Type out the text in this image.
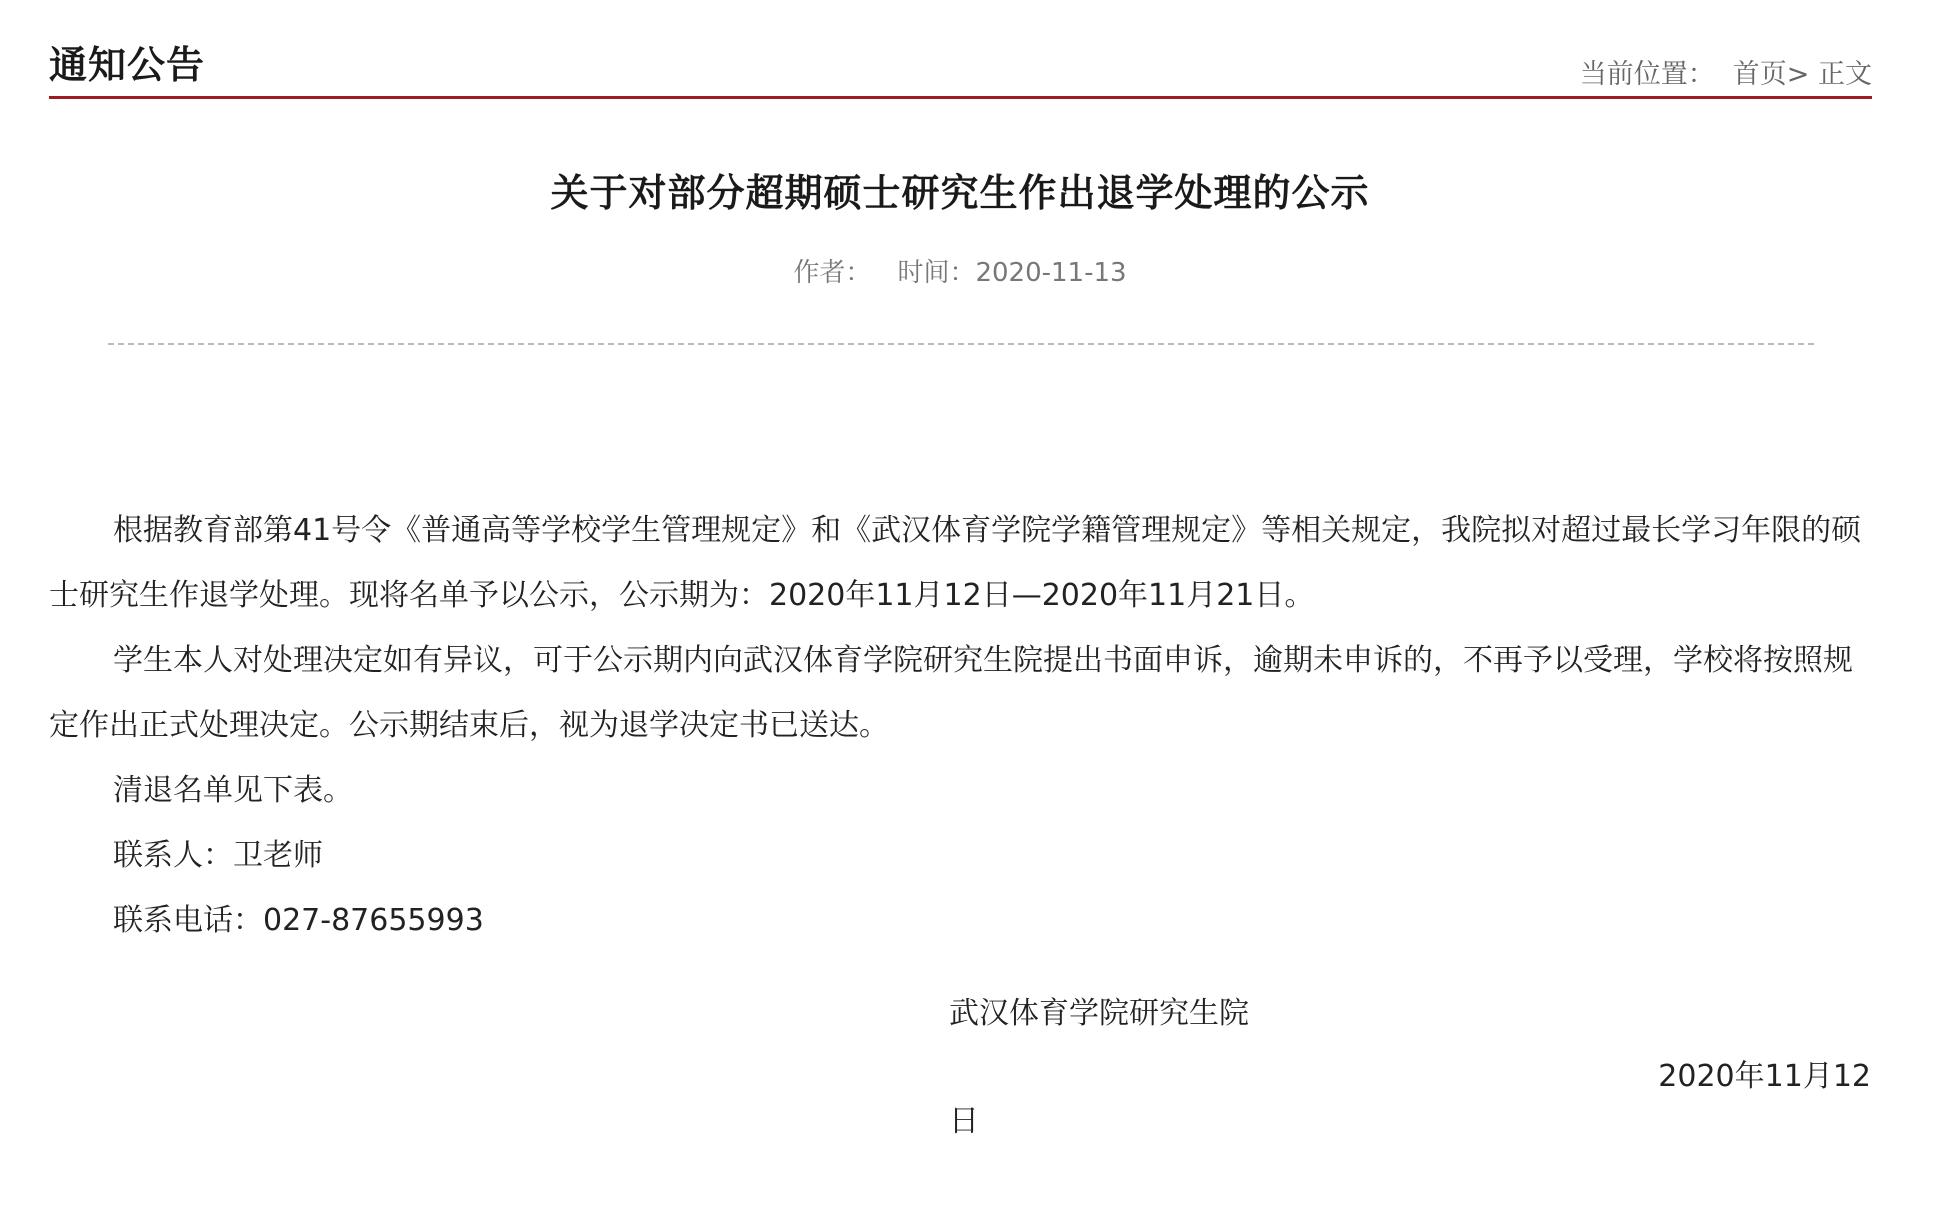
通知公告	当前位置： 首页> 正文
关于对部分超期硕士研究生作出退学处理的公示
作者： 时间：2020-11-13

根据教育部第41号令《普通高等学校学生管理规定》和《武汉体育学院学籍管理规定》等相关规定，我院拟对超过最长学习年限的硕士研究生作退学处理。现将名单予以公示，公示期为：2020年11月12日—2020年11月21日。

学生本人对处理决定如有异议，可于公示期内向武汉体育学院研究生院提出书面申诉，逾期未申诉的，不再予以受理，学校将按照规定作出正式处理决定。公示期结束后，视为退学决定书已送达。

清退名单见下表。

联系人：卫老师

联系电话：027-87655993

武汉体育学院研究生院
2020年11月12
日
